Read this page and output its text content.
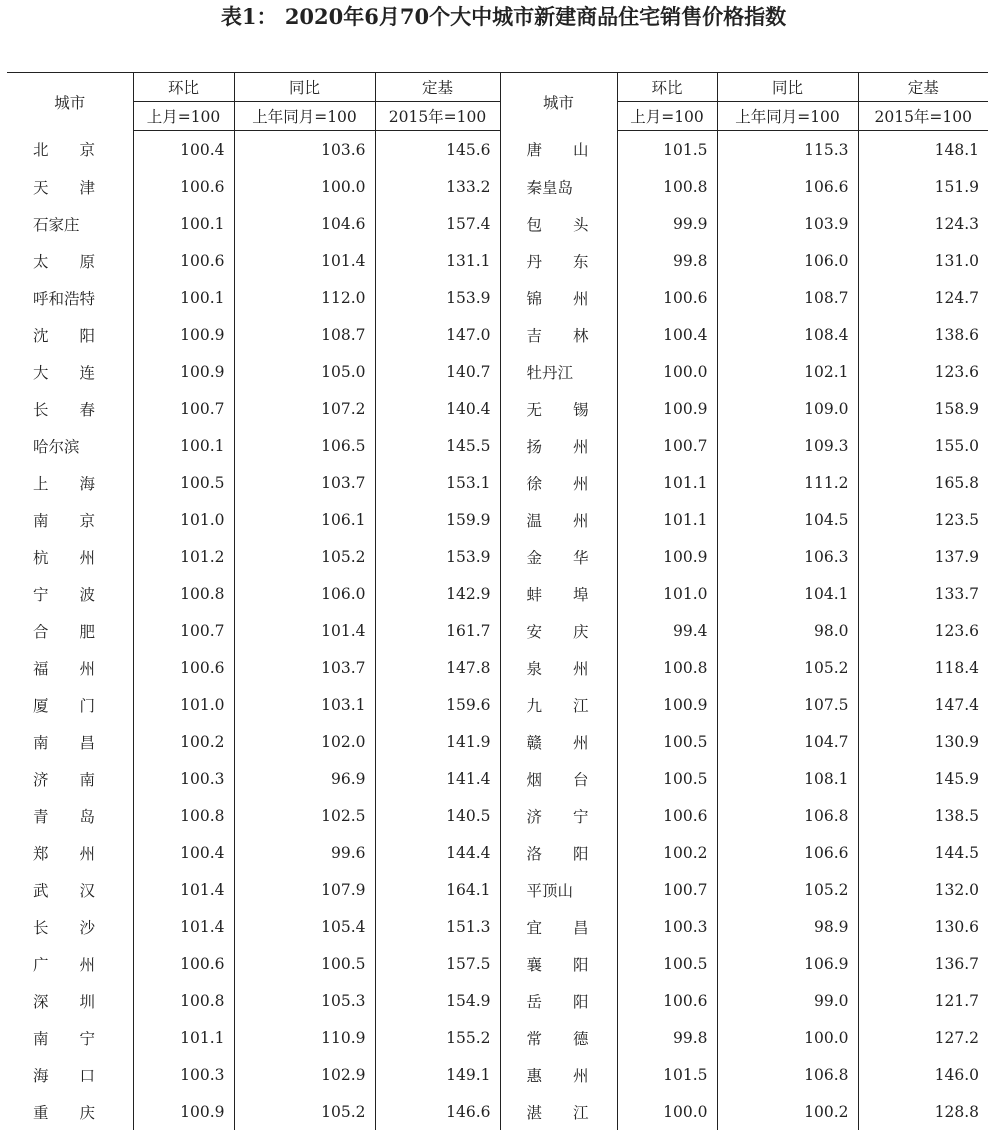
表1： 2020年6月70个大中城市新建商品住宅销售价格指数
城市	环比	同比	定基	城市	环比	同比	定基
	上月=100	上年同月=100	2015年=100		上月=100	上年同月=100	2015年=100
北　　京	100.4	103.6	145.6	唐　　山	101.5	115.3	148.1
天　　津	100.6	100.0	133.2	秦皇岛	100.8	106.6	151.9
石家庄	100.1	104.6	157.4	包　　头	99.9	103.9	124.3
太　　原	100.6	101.4	131.1	丹　　东	99.8	106.0	131.0
呼和浩特	100.1	112.0	153.9	锦　　州	100.6	108.7	124.7
沈　　阳	100.9	108.7	147.0	吉　　林	100.4	108.4	138.6
大　　连	100.9	105.0	140.7	牡丹江	100.0	102.1	123.6
长　　春	100.7	107.2	140.4	无　　锡	100.9	109.0	158.9
哈尔滨	100.1	106.5	145.5	扬　　州	100.7	109.3	155.0
上　　海	100.5	103.7	153.1	徐　　州	101.1	111.2	165.8
南　　京	101.0	106.1	159.9	温　　州	101.1	104.5	123.5
杭　　州	101.2	105.2	153.9	金　　华	100.9	106.3	137.9
宁　　波	100.8	106.0	142.9	蚌　　埠	101.0	104.1	133.7
合　　肥	100.7	101.4	161.7	安　　庆	99.4	98.0	123.6
福　　州	100.6	103.7	147.8	泉　　州	100.8	105.2	118.4
厦　　门	101.0	103.1	159.6	九　　江	100.9	107.5	147.4
南　　昌	100.2	102.0	141.9	赣　　州	100.5	104.7	130.9
济　　南	100.3	96.9	141.4	烟　　台	100.5	108.1	145.9
青　　岛	100.8	102.5	140.5	济　　宁	100.6	106.8	138.5
郑　　州	100.4	99.6	144.4	洛　　阳	100.2	106.6	144.5
武　　汉	101.4	107.9	164.1	平顶山	100.7	105.2	132.0
长　　沙	101.4	105.4	151.3	宜　　昌	100.3	98.9	130.6
广　　州	100.6	100.5	157.5	襄　　阳	100.5	106.9	136.7
深　　圳	100.8	105.3	154.9	岳　　阳	100.6	99.0	121.7
南　　宁	101.1	110.9	155.2	常　　德	99.8	100.0	127.2
海　　口	100.3	102.9	149.1	惠　　州	101.5	106.8	146.0
重　　庆	100.9	105.2	146.6	湛　　江	100.0	100.2	128.8
